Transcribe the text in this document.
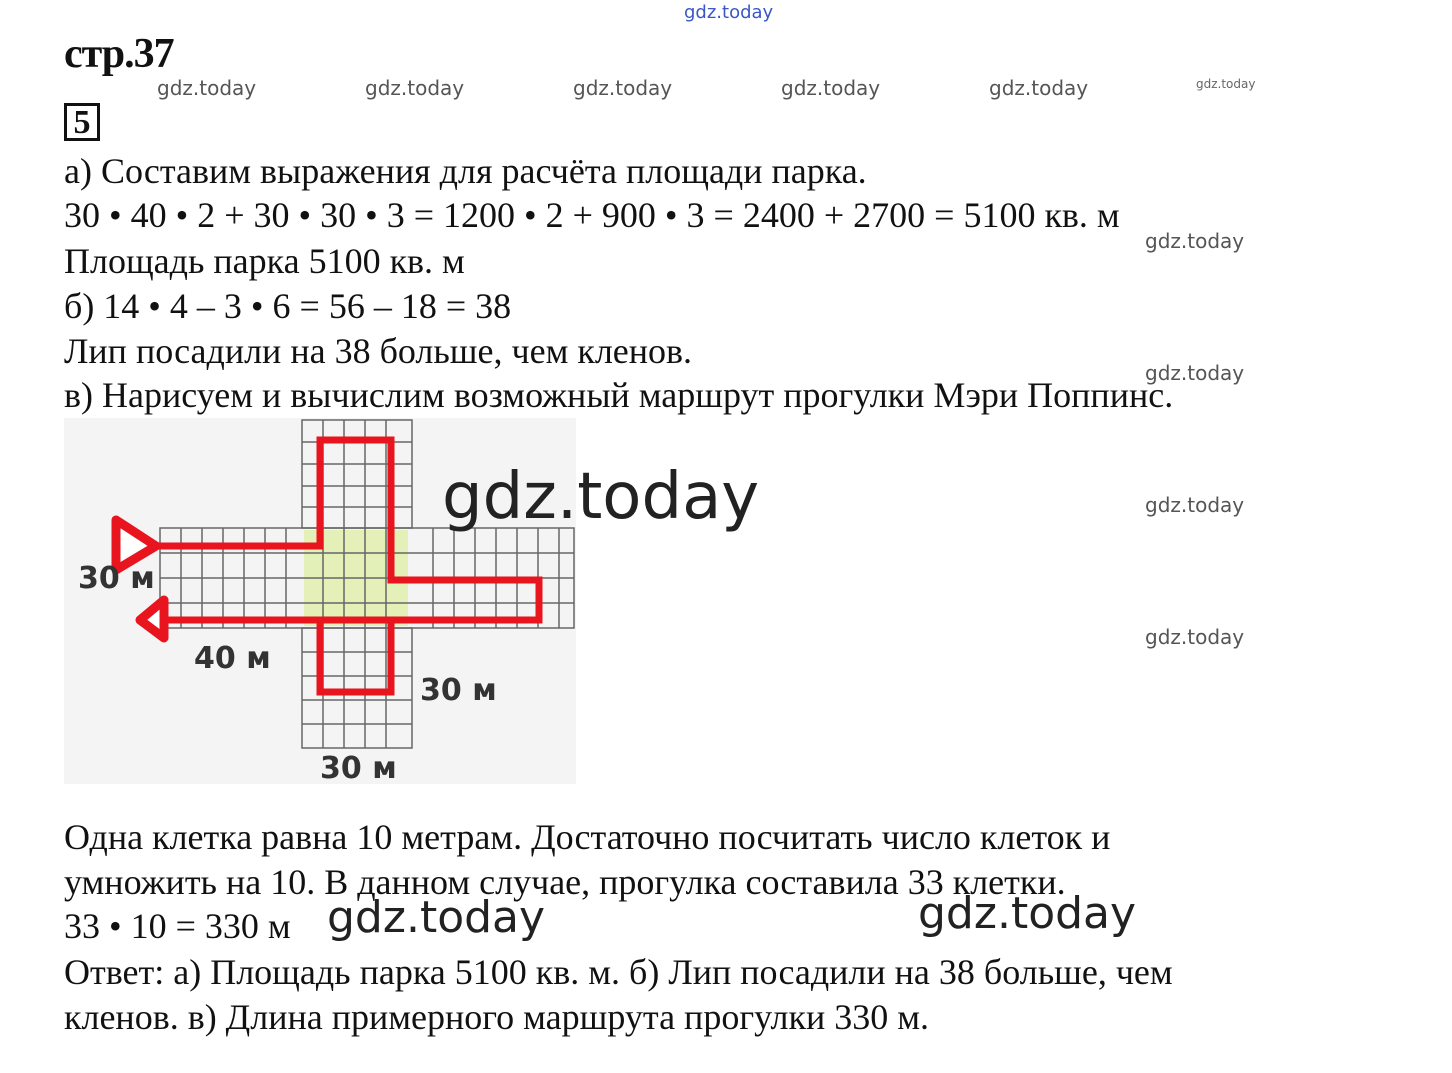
gdz.today
gdz.today	gdz.today	gdz.today	gdz.today	gdz.today	gdz.today
gdz.today
gdz.today
gdz.today
gdz.today
стр.37
5
а) Составим выражения для расчёта площади парка.
30 • 40 • 2 + 30 • 30 • 3 = 1200 • 2 + 900 • 3 = 2400 + 2700 = 5100 кв. м
Площадь парка 5100 кв. м
б) 14 • 4 – 3 • 6 = 56 – 18 = 38
Лип посадили на 38 больше, чем кленов.
в) Нарисуем и вычислим возможный маршрут прогулки Мэри Поппинс.
30 м
40 м
30 м
30 м
gdz.today
Одна клетка равна 10 метрам. Достаточно посчитать число клеток и
умножить на 10. В данном случае, прогулка составила 33 клетки.
33 • 10 = 330 м gdz.today	gdz.today
Ответ: а) Площадь парка 5100 кв. м. б) Лип посадили на 38 больше, чем
кленов. в) Длина примерного маршрута прогулки 330 м.
